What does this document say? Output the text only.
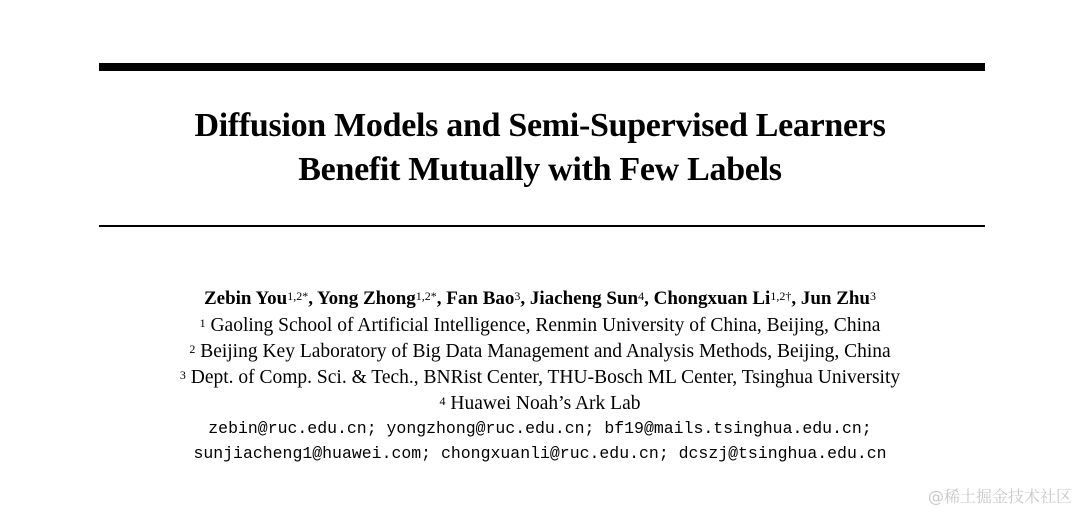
Diffusion Models and Semi-Supervised Learners
Benefit Mutually with Few Labels
Zebin You$^{1,2*}$, Yong Zhong$^{1,2*}$, Fan Bao$^3$, Jiacheng Sun$^4$, Chongxuan $Li^{1,2\dagger}$, Jun Zhu$^3$
$^1$ Gaoling School of Artificial Intelligence, Renmin University of China, Beijing, China
$^2$ Beijing Key Laboratory of Big Data Management and Analysis Methods, Beijing, China
$^3$ Dept. of Comp. Sci. & Tech., BNRist Center, THU-Bosch ML Center, Tsinghua University
$^4$ Huawei Noah’s Ark Lab
zebin@ruc.edu.cn; yongzhong@ruc.edu.cn; bf19@mails.tsinghua.edu.cn;
sunjiacheng1@huawei.com; chongxuanli@ruc.edu.cn; dcszj@tsinghua.edu.cn
@稀土掘金技术社区
